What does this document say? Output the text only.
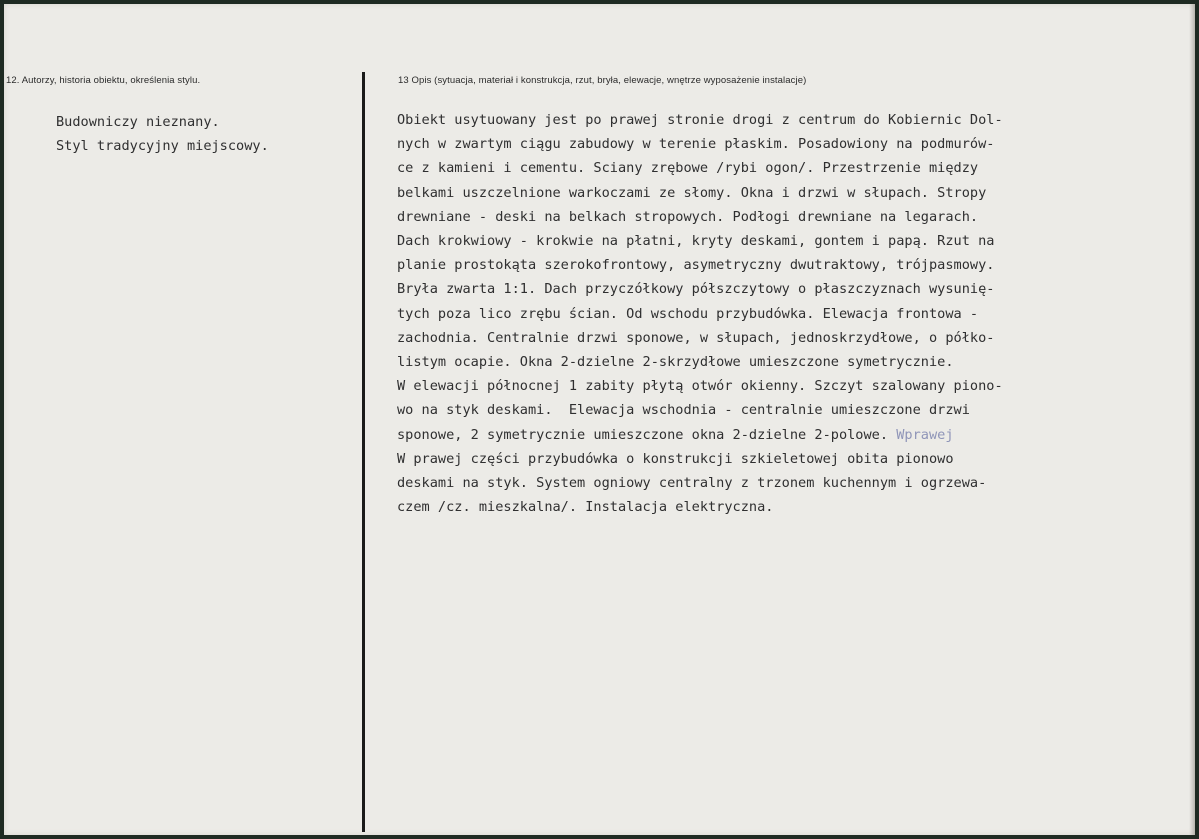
12. Autorzy, historia obiektu, określenia stylu.
Budowniczy nieznany.
Styl tradycyjny miejscowy.
13 Opis (sytuacja, materiał i konstrukcja, rzut, bryła, elewacje, wnętrze wyposażenie instalacje)
Obiekt usytuowany jest po prawej stronie drogi z centrum do Kobiernic Dol-
nych w zwartym ciągu zabudowy w terenie płaskim. Posadowiony na podmurów-
ce z kamieni i cementu. Sciany zrębowe /rybi ogon/. Przestrzenie między
belkami uszczelnione warkoczami ze słomy. Okna i drzwi w słupach. Stropy
drewniane - deski na belkach stropowych. Podłogi drewniane na legarach.
Dach krokwiowy - krokwie na płatni, kryty deskami, gontem i papą. Rzut na
planie prostokąta szerokofrontowy, asymetryczny dwutraktowy, trójpasmowy.
Bryła zwarta 1:1. Dach przyczółkowy półszczytowy o płaszczyznach wysunię-
tych poza lico zrębu ścian. Od wschodu przybudówka. Elewacja frontowa -
zachodnia. Centralnie drzwi sponowe, w słupach, jednoskrzydłowe, o półko-
listym ocapie. Okna 2-dzielne 2-skrzydłowe umieszczone symetrycznie.
W elewacji północnej 1 zabity płytą otwór okienny. Szczyt szalowany piono-
wo na styk deskami.  Elewacja wschodnia - centralnie umieszczone drzwi
sponowe, 2 symetrycznie umieszczone okna 2-dzielne 2-polowe. Wprawej
W prawej części przybudówka o konstrukcji szkieletowej obita pionowo
deskami na styk. System ogniowy centralny z trzonem kuchennym i ogrzewa-
czem /cz. mieszkalna/. Instalacja elektryczna.
